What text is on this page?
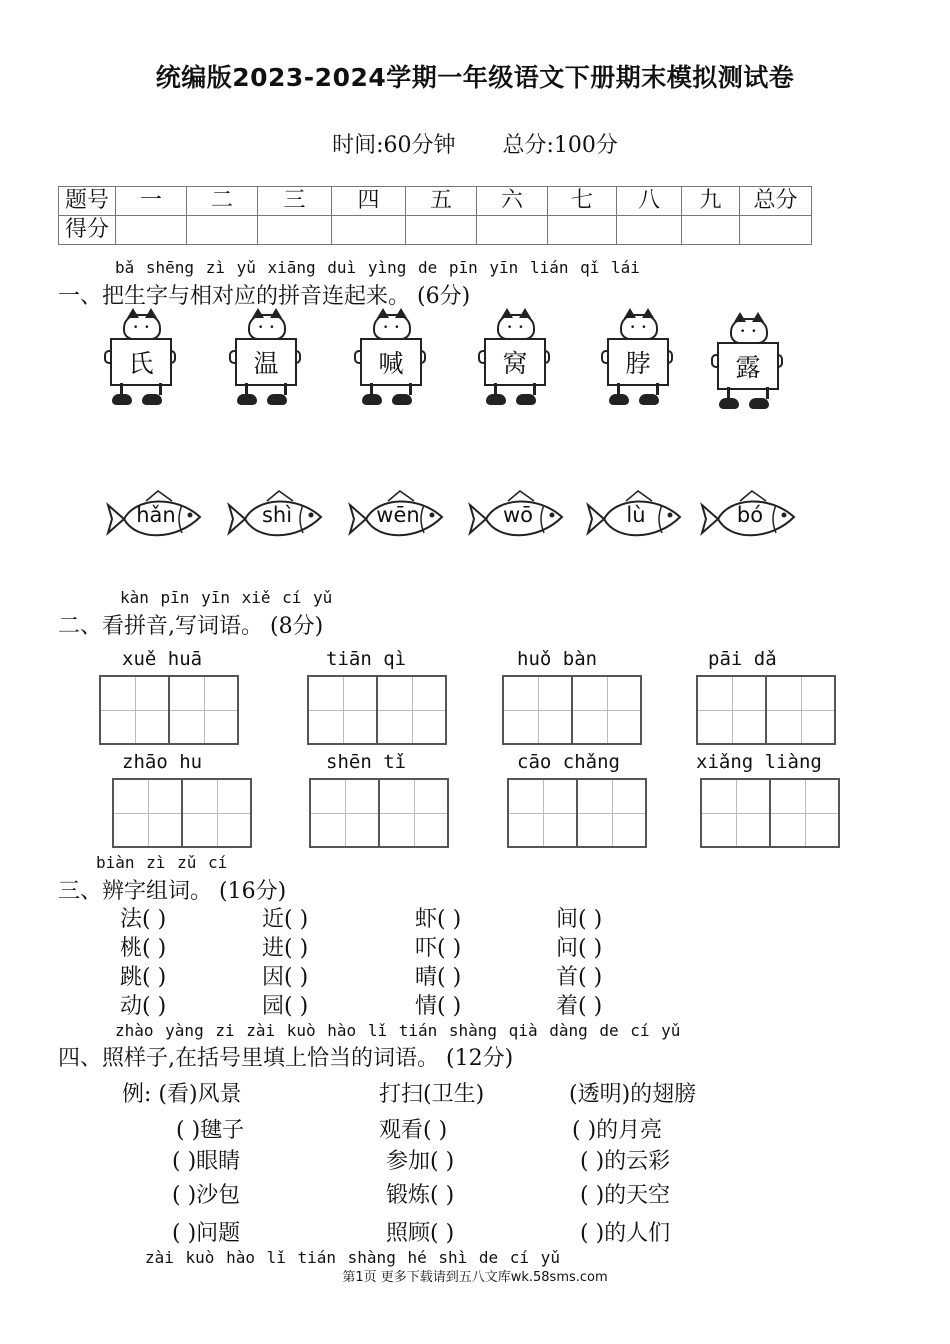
统编版2023-2024学期一年级语文下册期末模拟测试卷
时间:60分钟 总分:100分
题号	一	二	三	四	五	六	七	八	九	总分
得分										
bǎ shēng zì yǔ xiāng duì yìng de pīn yīn lián qǐ lái
一、把生字与相对应的拼音连起来。 (6分)
••
氏
••
温
••
喊
••
窝
••
脖
••
露
hǎn	shì	wēn	wō	lù	bó
kàn pīn yīn xiě cí yǔ
二、看拼音,写词语。 (8分)
xuě huā	tiān qì	huǒ bàn	pāi dǎ
zhāo hu	shēn tǐ	cāo chǎng	xiǎng liàng
biàn zì zǔ cí
三、辨字组词。 (16分)
法( )	近( )	虾( )	间( )
桃( )	进( )	吓( )	问( )
跳( )	因( )	晴( )	首( )
动( )	园( )	情( )	着( )
zhào yàng zi zài kuò hào lǐ tián shàng qià dàng de cí yǔ
四、照样子,在括号里填上恰当的词语。 (12分)
例: (看)风景	打扫(卫生)	(透明)的翅膀
( )毽子	观看( )	( )的月亮
( )眼睛	参加( )	( )的云彩
( )沙包	锻炼( )	( )的天空
( )问题	照顾( )	( )的人们
zài kuò hào lǐ tián shàng hé shì de cí yǔ
第1页 更多下载请到五八文库wk.58sms.com
